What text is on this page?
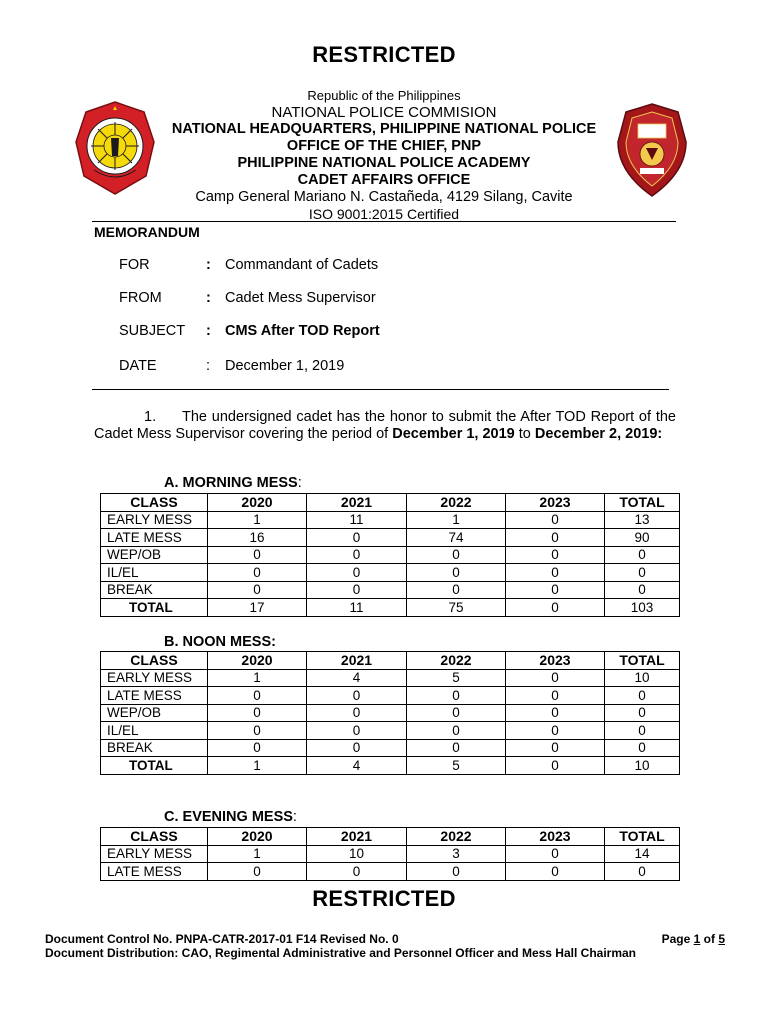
RESTRICTED
Republic of the Philippines
NATIONAL POLICE COMMISION
NATIONAL HEADQUARTERS, PHILIPPINE NATIONAL POLICE
OFFICE OF THE CHIEF, PNP
PHILIPPINE NATIONAL POLICE ACADEMY
CADET AFFAIRS OFFICE
Camp General Mariano N. Castañeda, 4129 Silang, Cavite
ISO 9001:2015 Certified
MEMORANDUM
FOR	: Commandant of Cadets
FROM	: Cadet Mess Supervisor
SUBJECT	: CMS After TOD Report
DATE	: December 1, 2019
1. The undersigned cadet has the honor to submit the After TOD Report of the Cadet Mess Supervisor covering the period of December 1, 2019 to December 2, 2019:
A. MORNING MESS:
CLASS	2020	2021	2022	2023	TOTAL
EARLY MESS	1	11	1	0	13
LATE MESS	16	0	74	0	90
WEP/OB	0	0	0	0	0
IL/EL	0	0	0	0	0
BREAK	0	0	0	0	0
TOTAL	17	11	75	0	103
B. NOON MESS:
CLASS	2020	2021	2022	2023	TOTAL
EARLY MESS	1	4	5	0	10
LATE MESS	0	0	0	0	0
WEP/OB	0	0	0	0	0
IL/EL	0	0	0	0	0
BREAK	0	0	0	0	0
TOTAL	1	4	5	0	10
C. EVENING MESS:
CLASS	2020	2021	2022	2023	TOTAL
EARLY MESS	1	10	3	0	14
LATE MESS	0	0	0	0	0
RESTRICTED
Document Control No. PNPA-CATR-2017-01 F14 Revised No. 0	Page 1 of 5
Document Distribution: CAO, Regimental Administrative and Personnel Officer and Mess Hall Chairman
